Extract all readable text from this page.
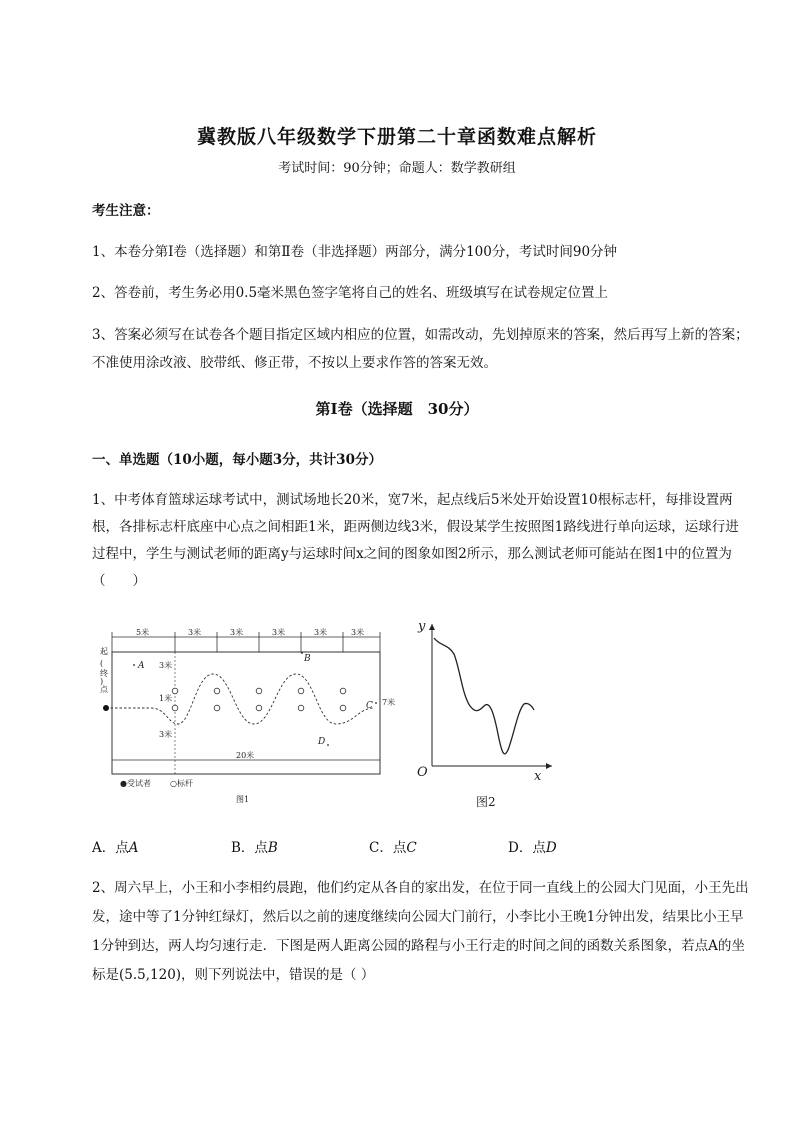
冀教版八年级数学下册第二十章函数难点解析
考试时间：90分钟；命题人：数学教研组
考生注意：
1、本卷分第Ⅰ卷（选择题）和第Ⅱ卷（非选择题）两部分，满分100分，考试时间90分钟
2、答卷前，考生务必用0.5毫米黑色签字笔将自己的姓名、班级填写在试卷规定位置上
3、答案必须写在试卷各个题目指定区域内相应的位置，如需改动，先划掉原来的答案，然后再写上新的答案；不准使用涂改液、胶带纸、修正带，不按以上要求作答的答案无效。
第Ⅰ卷（选择题　30分）
一、单选题（10小题，每小题3分，共计30分）
1、中考体育篮球运球考试中，测试场地长20米，宽7米，起点线后5米处开始设置10根标志杆，每排设置两根，各排标志杆底座中心点之间相距1米，距两侧边线3米，假设某学生按照图1路线进行单向运球，运球行进过程中，学生与测试老师的距离y与运球时间x之间的图象如图2所示，那么测试老师可能站在图1中的位置为（　　）
5米	3米	3米	3米	3米	3米
3米
1米
3米
7米
起
(
终
)
点
20米
A
B
C
D
●受试者 ○标杆
图1
y
x
O
图2
A．点A	B．点B	C．点C	D．点D
2、周六早上，小王和小李相约晨跑，他们约定从各自的家出发，在位于同一直线上的公园大门见面，小王先出发，途中等了1分钟红绿灯，然后以之前的速度继续向公园大门前行，小李比小王晚1分钟出发，结果比小王早1分钟到达，两人均匀速行走．下图是两人距离公园的路程与小王行走的时间之间的函数关系图象，若点A的坐标是(5.5,120)，则下列说法中，错误的是（ ）
